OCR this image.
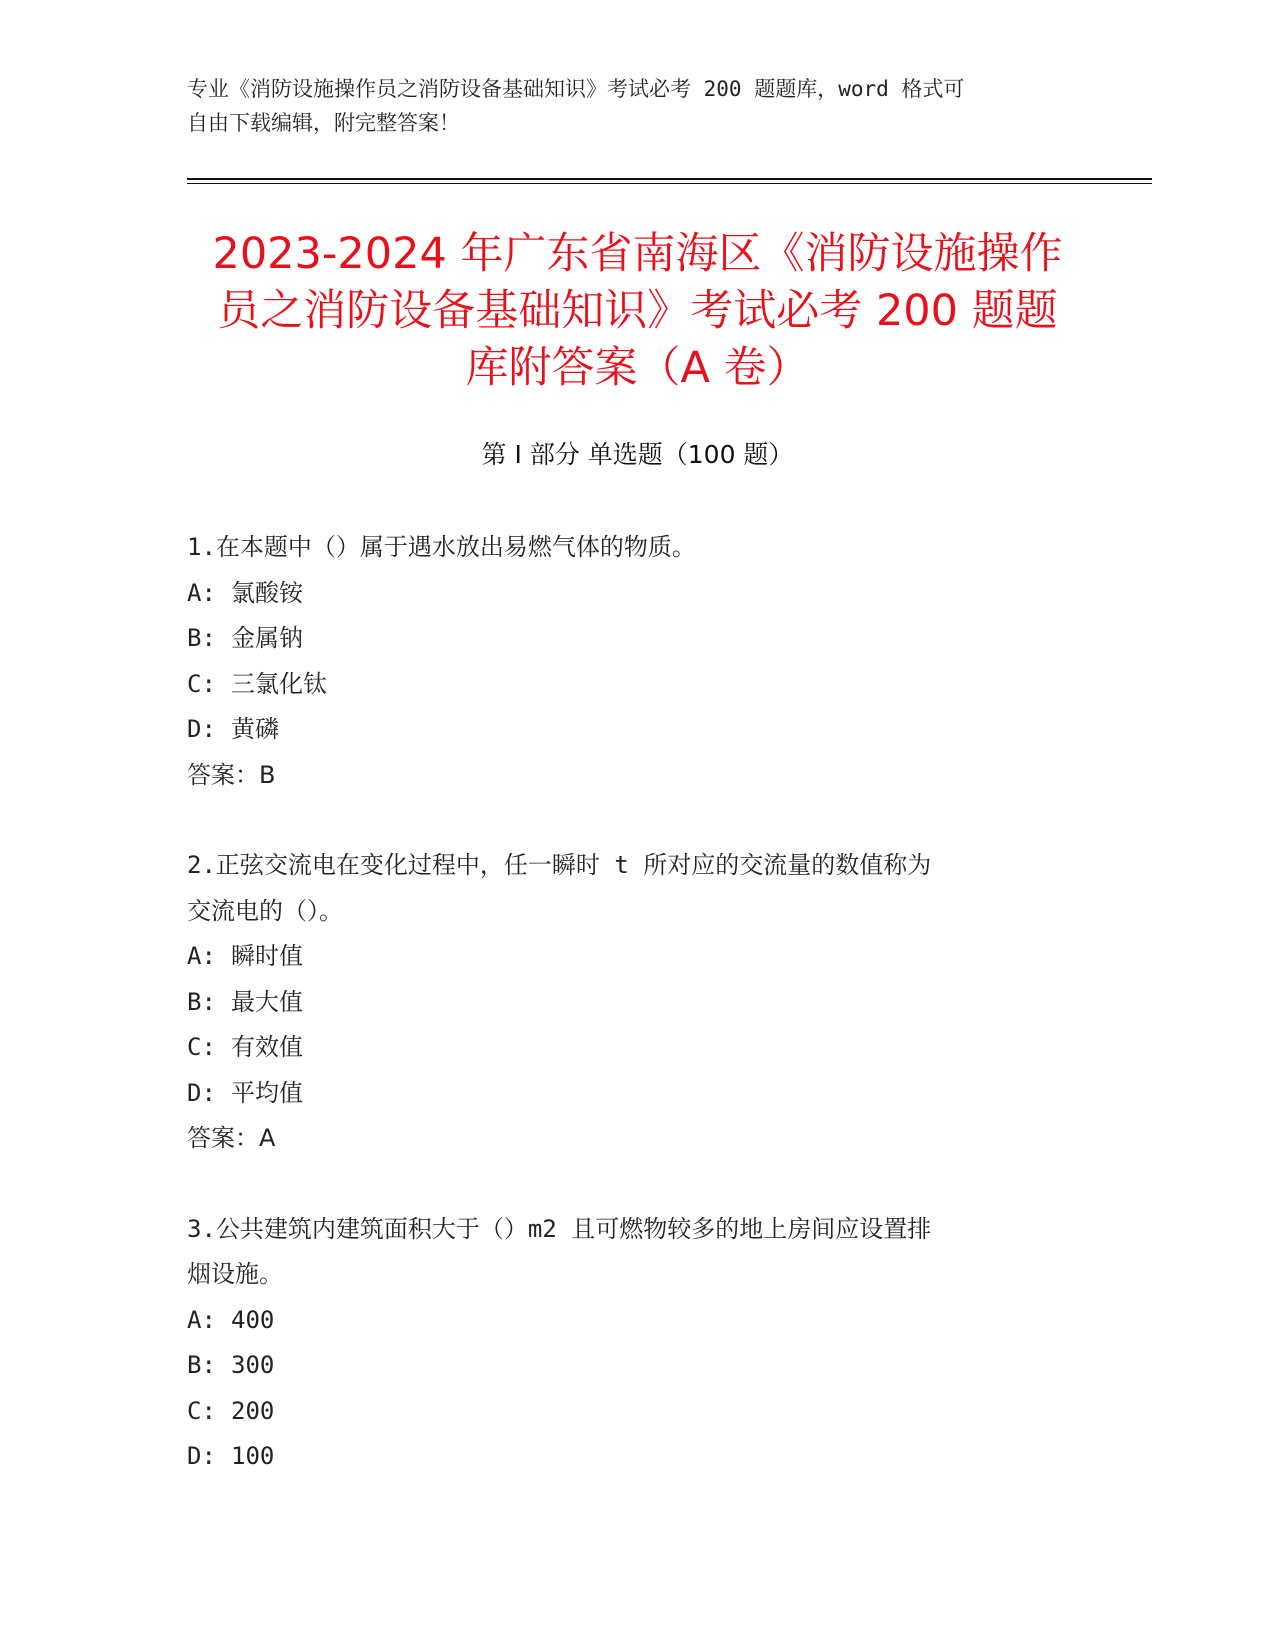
专业《消防设施操作员之消防设备基础知识》考试必考 200 题题库，word 格式可
自由下载编辑，附完整答案！
2023-2024 年广东省南海区《消防设施操作
员之消防设备基础知识》考试必考 200 题题
库附答案（A 卷）
第 I 部分 单选题（100 题）
1.在本题中（）属于遇水放出易燃气体的物质。
A: 氯酸铵
B: 金属钠
C: 三氯化钛
D: 黄磷
答案：B
2.正弦交流电在变化过程中，任一瞬时 t 所对应的交流量的数值称为
交流电的（）。
A: 瞬时值
B: 最大值
C: 有效值
D: 平均值
答案：A
3.公共建筑内建筑面积大于（）m2 且可燃物较多的地上房间应设置排
烟设施。
A: 400
B: 300
C: 200
D: 100
